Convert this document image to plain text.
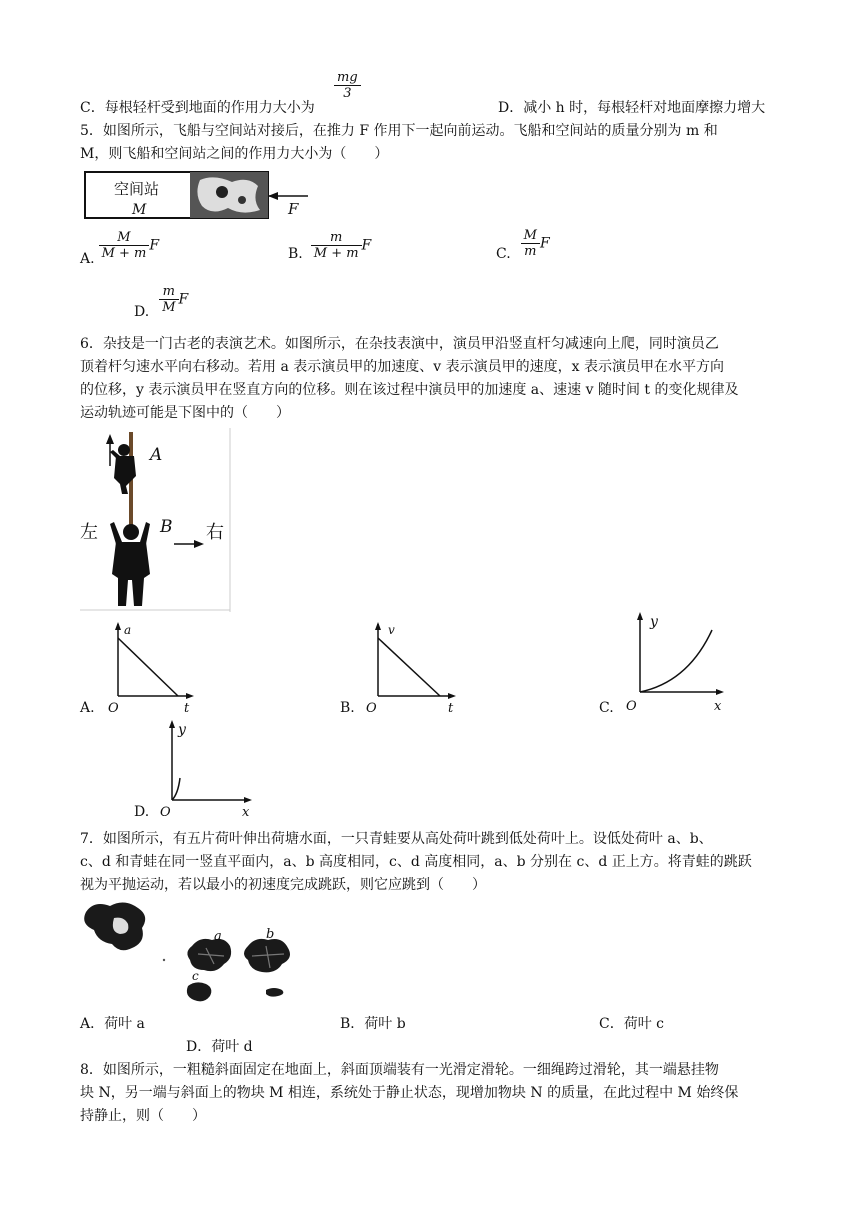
$\frac{mg}{3}$
C．每根轻杆受到地面的作用力大小为	D．减小 h 时，每根轻杆对地面摩擦力增大
5．如图所示，飞船与空间站对接后，在推力 F 作用下一起向前运动。飞船和空间站的质量分别为 m 和
M，则飞船和空间站之间的作用力大小为（　　）
空间站
M	F
A. $\frac{M}{M + m}$ F	B. $\frac{m}{M + m}$ F	C. $\frac{M}{m}$ F
D. $\frac{m}{M}$ F
6．杂技是一门古老的表演艺术。如图所示，在杂技表演中，演员甲沿竖直杆匀减速向上爬，同时演员乙
顶着杆匀速水平向右移动。若用 a 表示演员甲的加速度、v 表示演员甲的速度，x 表示演员甲在水平方向
的位移，y 表示演员甲在竖直方向的位移。则在该过程中演员甲的加速度 a、速速 v 随时间 t 的变化规律及
运动轨迹可能是下图中的（　　）
A
B
左	右
A.
a
t
O	B.
v
t
O	C.
y
x
O
D.
y
x
O
7．如图所示，有五片荷叶伸出荷塘水面，一只青蛙要从高处荷叶跳到低处荷叶上。设低处荷叶 a、b、
c、d 和青蛙在同一竖直平面内，a、b 高度相同，c、d 高度相同，a、b 分别在 c、d 正上方。将青蛙的跳跃
视为平抛运动，若以最小的初速度完成跳跃，则它应跳到（　　）
a	b
c
A．荷叶 a	B．荷叶 b	C．荷叶 c
D．荷叶 d
8．如图所示，一粗糙斜面固定在地面上，斜面顶端装有一光滑定滑轮。一细绳跨过滑轮，其一端悬挂物
块 N，另一端与斜面上的物块 M 相连，系统处于静止状态，现增加物块 N 的质量，在此过程中 M 始终保
持静止，则（　　）
